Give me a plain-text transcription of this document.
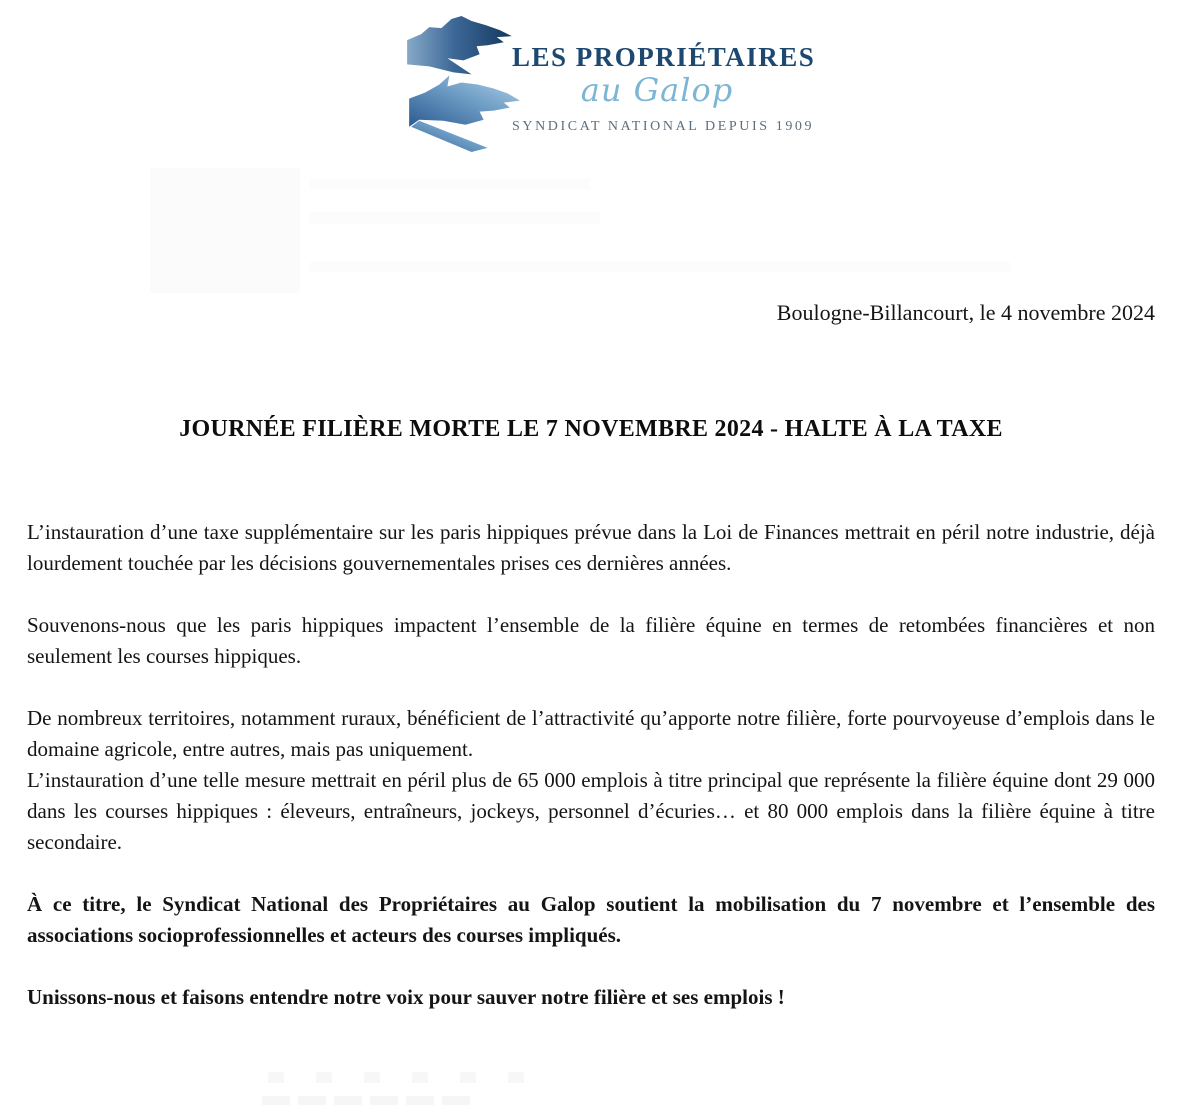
LES PROPRIÉTAIRES
au Galop
SYNDICAT NATIONAL DEPUIS 1909

Boulogne-Billancourt, le 4 novembre 2024

JOURNÉE FILIÈRE MORTE LE 7 NOVEMBRE 2024 - HALTE À LA TAXE

L’instauration d’une taxe supplémentaire sur les paris hippiques prévue dans la Loi de Finances mettrait en péril notre industrie, déjà lourdement touchée par les décisions gouvernementales prises ces dernières années.

Souvenons-nous que les paris hippiques impactent l’ensemble de la filière équine en termes de retombées financières et non seulement les courses hippiques.

De nombreux territoires, notamment ruraux, bénéficient de l’attractivité qu’apporte notre filière, forte pourvoyeuse d’emplois dans le domaine agricole, entre autres, mais pas uniquement.
L’instauration d’une telle mesure mettrait en péril plus de 65 000 emplois à titre principal que représente la filière équine dont 29 000 dans les courses hippiques : éleveurs, entraîneurs, jockeys, personnel d’écuries… et 80 000 emplois dans la filière équine à titre secondaire.

À ce titre, le Syndicat National des Propriétaires au Galop soutient la mobilisation du 7 novembre et l’ensemble des associations socioprofessionnelles et acteurs des courses impliqués.

Unissons-nous et faisons entendre notre voix pour sauver notre filière et ses emplois !
